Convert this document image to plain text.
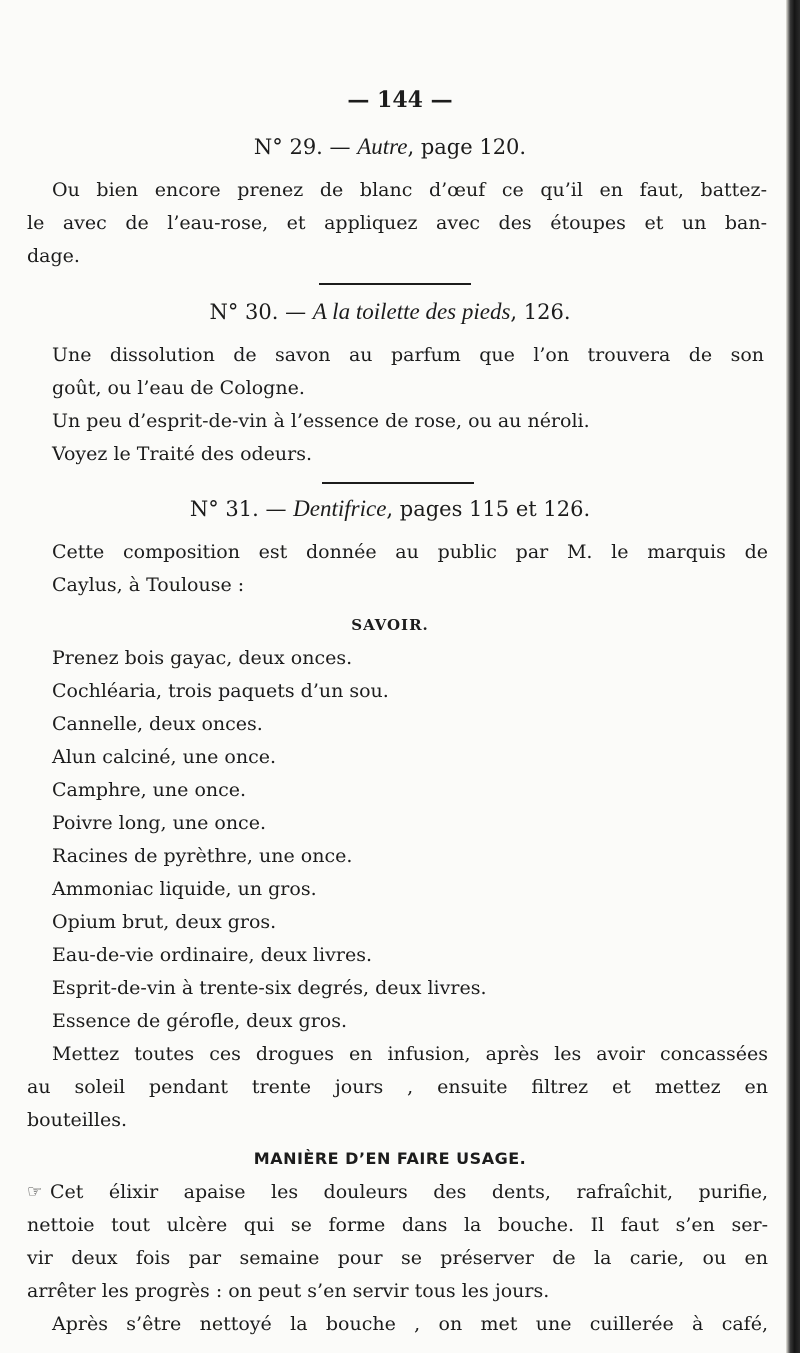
— 144 —
N° 29. — Autre, page 120.
Ou bien encore prenez de blanc d’œuf ce qu’il en faut, battez-
le avec de l’eau-rose, et appliquez avec des étoupes et un ban-
dage.
N° 30. — A la toilette des pieds, 126.
Une dissolution de savon au parfum que l’on trouvera de son
goût, ou l’eau de Cologne.
Un peu d’esprit-de-vin à l’essence de rose, ou au néroli.
Voyez le Traité des odeurs.
N° 31. — Dentifrice, pages 115 et 126.
Cette composition est donnée au public par M. le marquis de
Caylus, à Toulouse :
SAVOIR.
Prenez bois gayac, deux onces.
Cochléaria, trois paquets d’un sou.
Cannelle, deux onces.
Alun calciné, une once.
Camphre, une once.
Poivre long, une once.
Racines de pyrèthre, une once.
Ammoniac liquide, un gros.
Opium brut, deux gros.
Eau-de-vie ordinaire, deux livres.
Esprit-de-vin à trente-six degrés, deux livres.
Essence de gérofle, deux gros.
Mettez toutes ces drogues en infusion, après les avoir concassées
au soleil pendant trente jours , ensuite filtrez et mettez en
bouteilles.
MANIÈRE D’EN FAIRE USAGE.
☞ Cet élixir apaise les douleurs des dents, rafraîchit, purifie,
nettoie tout ulcère qui se forme dans la bouche. Il faut s’en ser-
vir deux fois par semaine pour se préserver de la carie, ou en
arrêter les progrès : on peut s’en servir tous les jours.
Après s’être nettoyé la bouche , on met une cuillerée à café,
